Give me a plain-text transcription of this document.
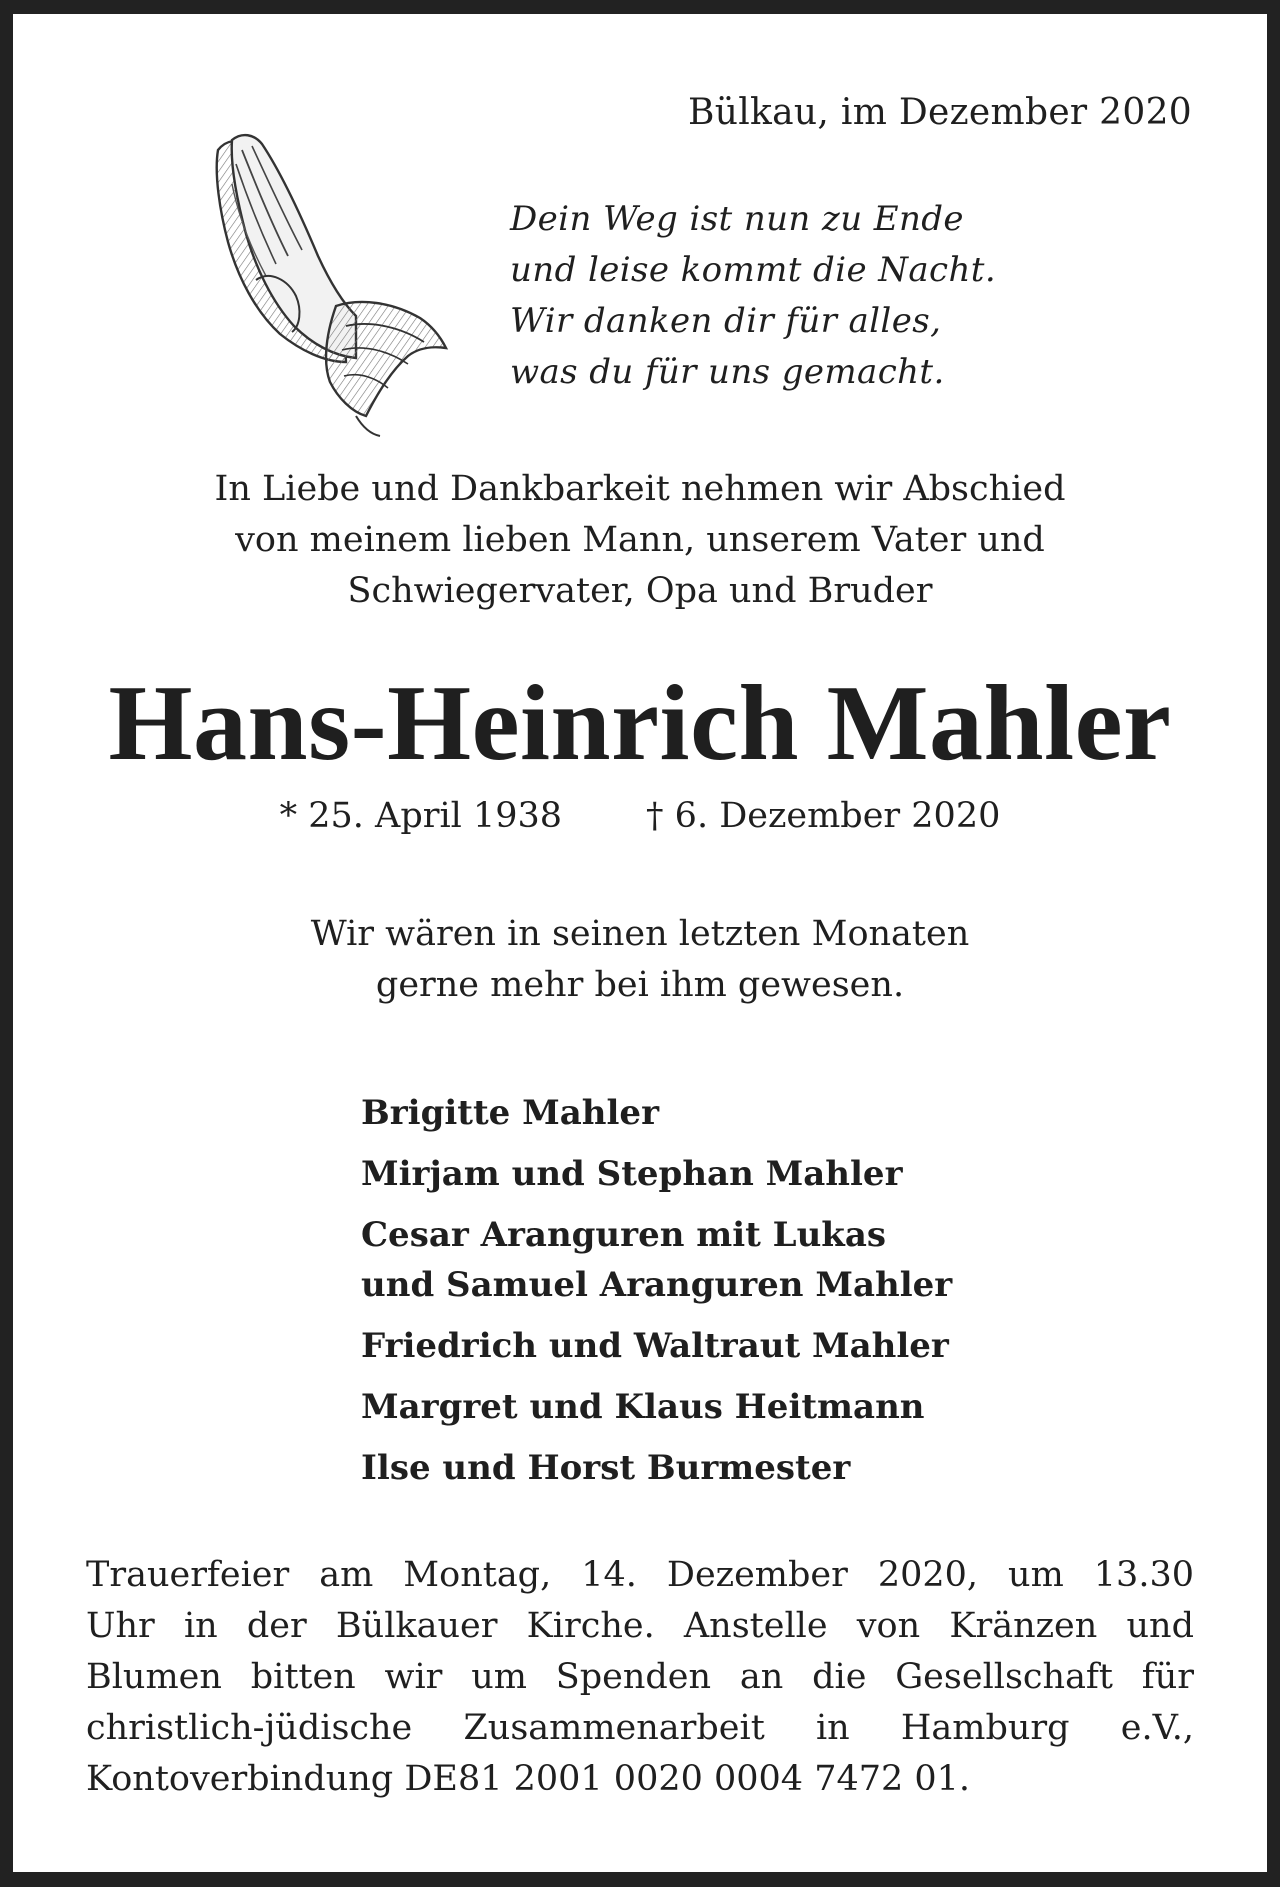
Bülkau, im Dezember 2020
Dein Weg ist nun zu Ende
und leise kommt die Nacht.
Wir danken dir für alles,
was du für uns gemacht.
In Liebe und Dankbarkeit nehmen wir Abschied
von meinem lieben Mann, unserem Vater und
Schwiegervater, Opa und Bruder
Hans-Heinrich Mahler
* 25. April 1938 † 6. Dezember 2020
Wir wären in seinen letzten Monaten
gerne mehr bei ihm gewesen.
Brigitte Mahler
Mirjam und Stephan Mahler
Cesar Aranguren mit Lukas
und Samuel Aranguren Mahler
Friedrich und Waltraut Mahler
Margret und Klaus Heitmann
Ilse und Horst Burmester
Trauerfeier am Montag, 14. Dezember 2020, um 13.30
Uhr in der Bülkauer Kirche. Anstelle von Kränzen und
Blumen bitten wir um Spenden an die Gesellschaft für
christlich-jüdische Zusammenarbeit in Hamburg e.V.,
Kontoverbindung DE81 2001 0020 0004 7472 01.
